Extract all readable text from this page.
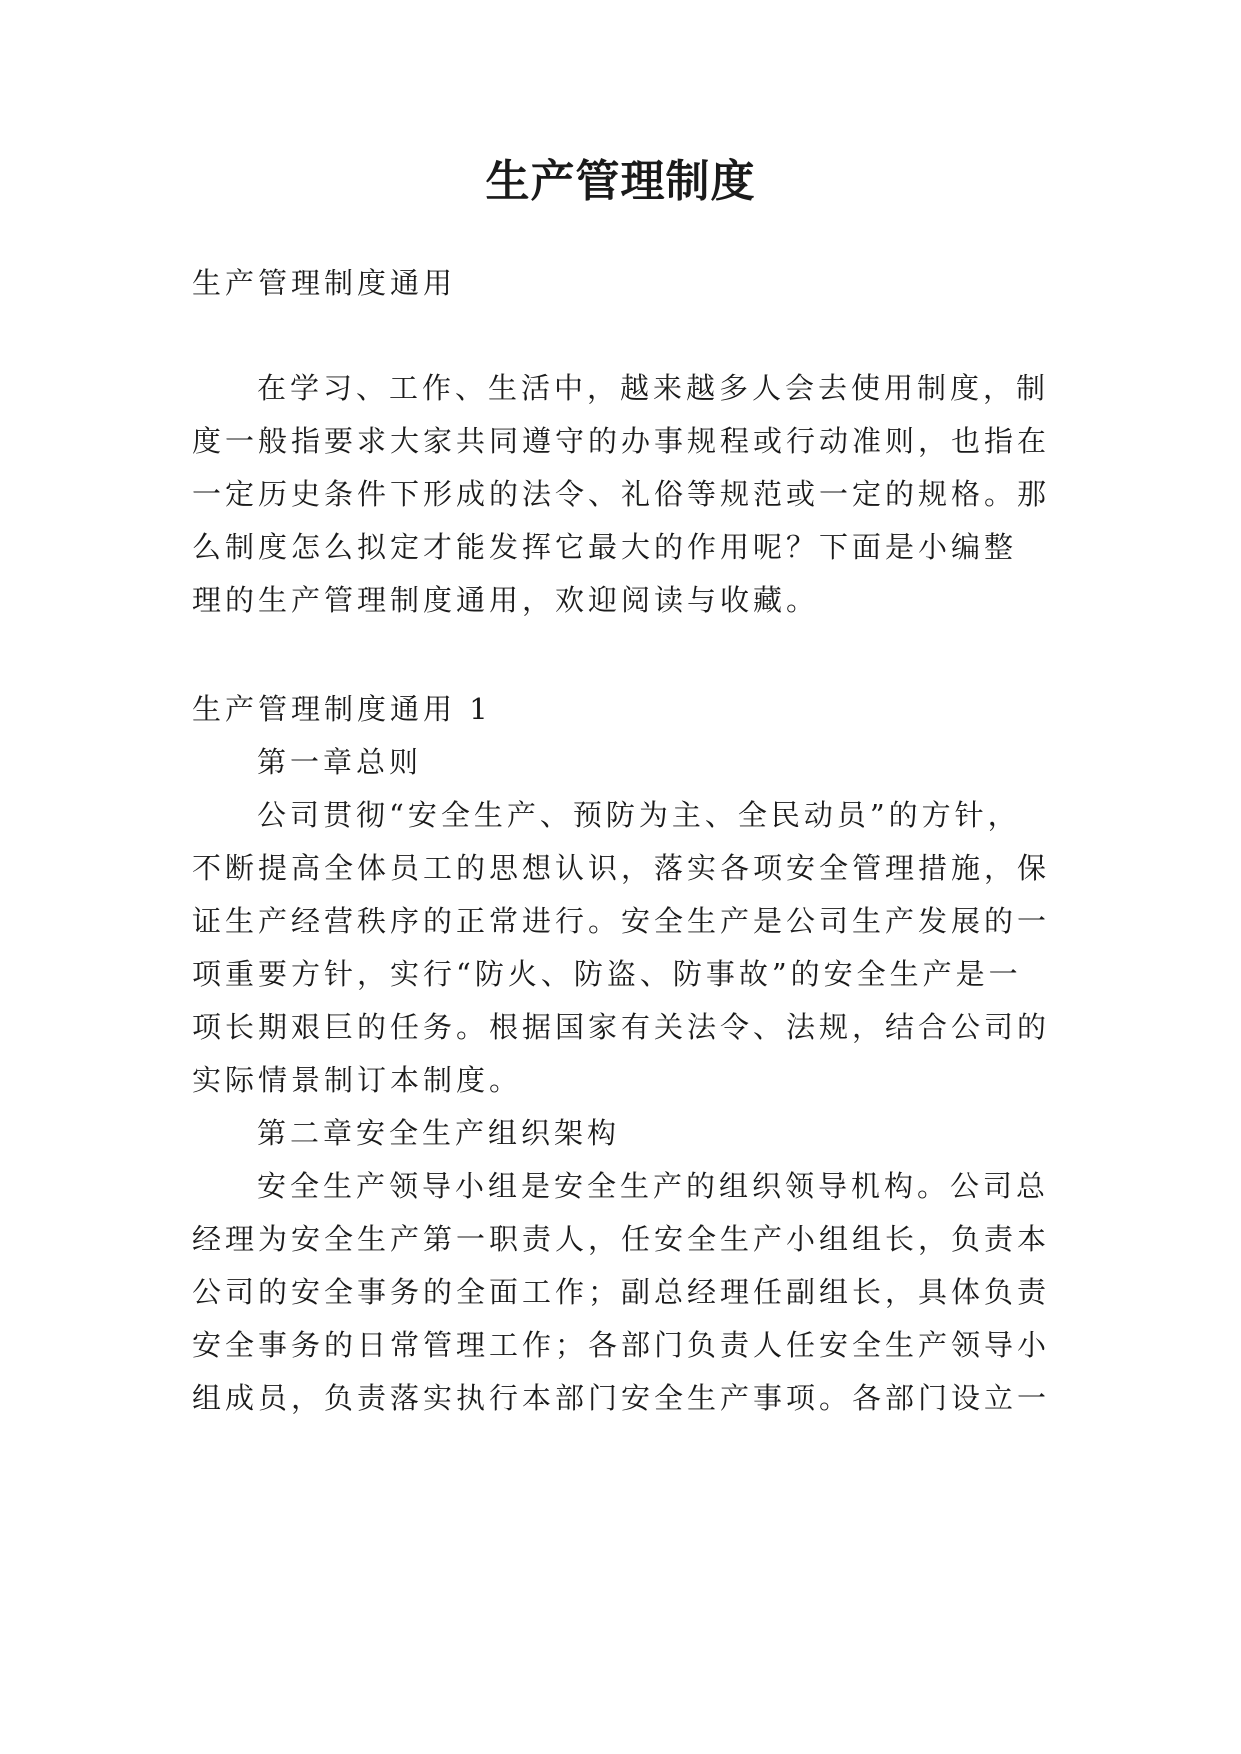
生产管理制度

生产管理制度通用

在学习、工作、生活中，越来越多人会去使用制度，制

度一般指要求大家共同遵守的办事规程或行动准则，也指在

一定历史条件下形成的法令、礼俗等规范或一定的规格。那

么制度怎么拟定才能发挥它最大的作用呢？下面是小编整

理的生产管理制度通用，欢迎阅读与收藏。

生产管理制度通用 1

第一章总则

公司贯彻“安全生产、预防为主、全民动员”的方针，

不断提高全体员工的思想认识，落实各项安全管理措施，保

证生产经营秩序的正常进行。安全生产是公司生产发展的一

项重要方针，实行“防火、防盗、防事故”的安全生产是一

项长期艰巨的任务。根据国家有关法令、法规，结合公司的

实际情景制订本制度。

第二章安全生产组织架构

安全生产领导小组是安全生产的组织领导机构。公司总

经理为安全生产第一职责人，任安全生产小组组长，负责本

公司的安全事务的全面工作；副总经理任副组长，具体负责

安全事务的日常管理工作；各部门负责人任安全生产领导小

组成员，负责落实执行本部门安全生产事项。各部门设立一
